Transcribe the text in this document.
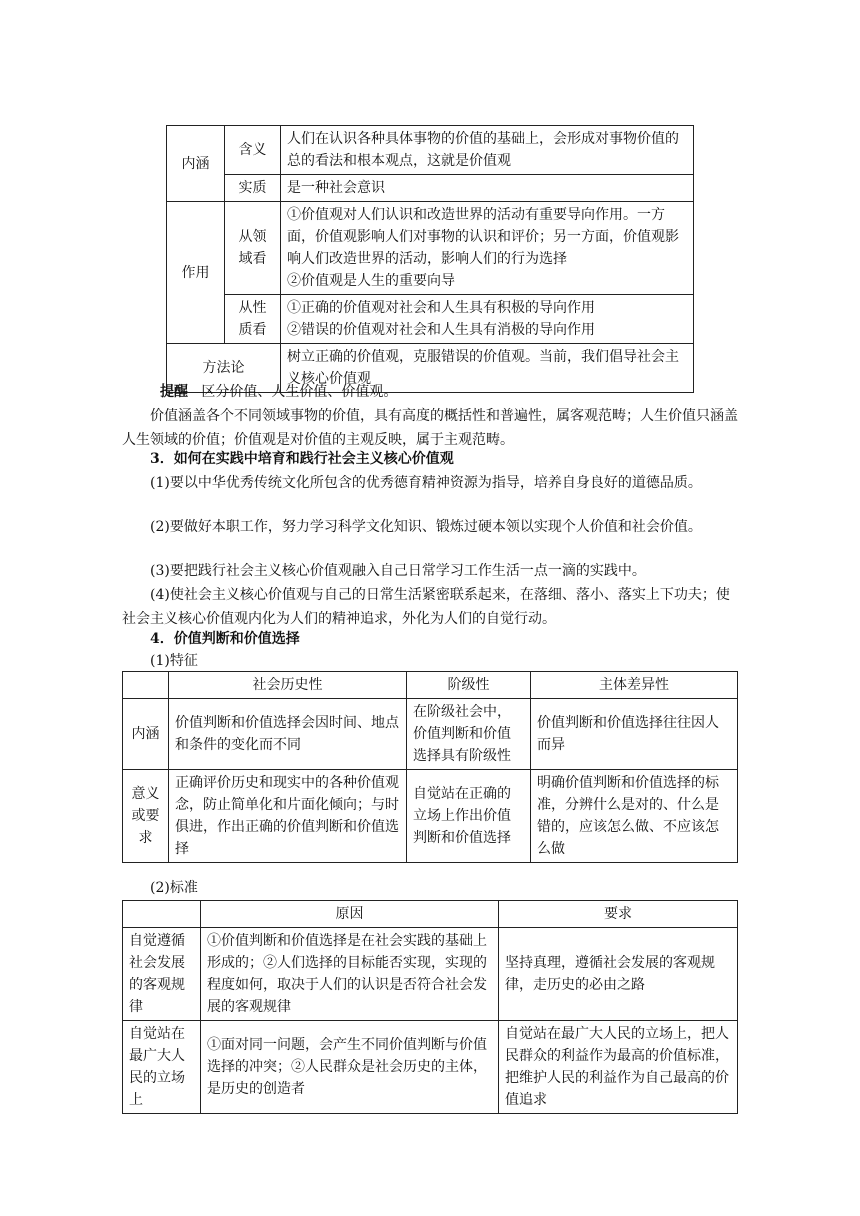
内涵	含义	人们在认识各种具体事物的价值的基础上，会形成对事物价值的总的看法和根本观点，这就是价值观
	实质	是一种社会意识
作用	从领域看	①价值观对人们认识和改造世界的活动有重要导向作用。一方面，价值观影响人们对事物的认识和评价；另一方面，价值观影响人们改造世界的活动，影响人们的行为选择
②价值观是人生的重要向导

	从性质看	①正确的价值观对社会和人生具有积极的导向作用
②错误的价值观对社会和人生具有消极的导向作用

方法论		树立正确的价值观，克服错误的价值观。当前，我们倡导社会主义核心价值观

提醒 区分价值、人生价值、价值观。

价值涵盖各个不同领域事物的价值，具有高度的概括性和普遍性，属客观范畴；人生价值只涵盖人生领域的价值；价值观是对价值的主观反映，属于主观范畴。

3．如何在实践中培育和践行社会主义核心价值观

(1)要以中华优秀传统文化所包含的优秀德育精神资源为指导，培养自身良好的道德品质。

(2)要做好本职工作，努力学习科学文化知识、锻炼过硬本领以实现个人价值和社会价值。

(3)要把践行社会主义核心价值观融入自己日常学习工作生活一点一滴的实践中。

(4)使社会主义核心价值观与自己的日常生活紧密联系起来，在落细、落小、落实上下功夫；使社会主义核心价值观内化为人们的精神追求，外化为人们的自觉行动。

4．价值判断和价值选择

(1)特征

	社会历史性	阶级性	主体差异性
内涵	价值判断和价值选择会因时间、地点和条件的变化而不同	在阶级社会中，价值判断和价值选择具有阶级性	价值判断和价值选择往往因人而异
意义或要求	正确评价历史和现实中的各种价值观念，防止简单化和片面化倾向；与时俱进，作出正确的价值判断和价值选择	自觉站在正确的立场上作出价值判断和价值选择	明确价值判断和价值选择的标准，分辨什么是对的、什么是错的，应该怎么做、不应该怎么做

(2)标准

	原因	要求
自觉遵循社会发展的客观规律	①价值判断和价值选择是在社会实践的基础上形成的；②人们选择的目标能否实现，实现的程度如何，取决于人们的认识是否符合社会发展的客观规律	坚持真理，遵循社会发展的客观规律，走历史的必由之路
自觉站在最广大人民的立场上	①面对同一问题，会产生不同价值判断与价值选择的冲突；②人民群众是社会历史的主体，是历史的创造者	自觉站在最广大人民的立场上，把人民群众的利益作为最高的价值标准，把维护人民的利益作为自己最高的价值追求
